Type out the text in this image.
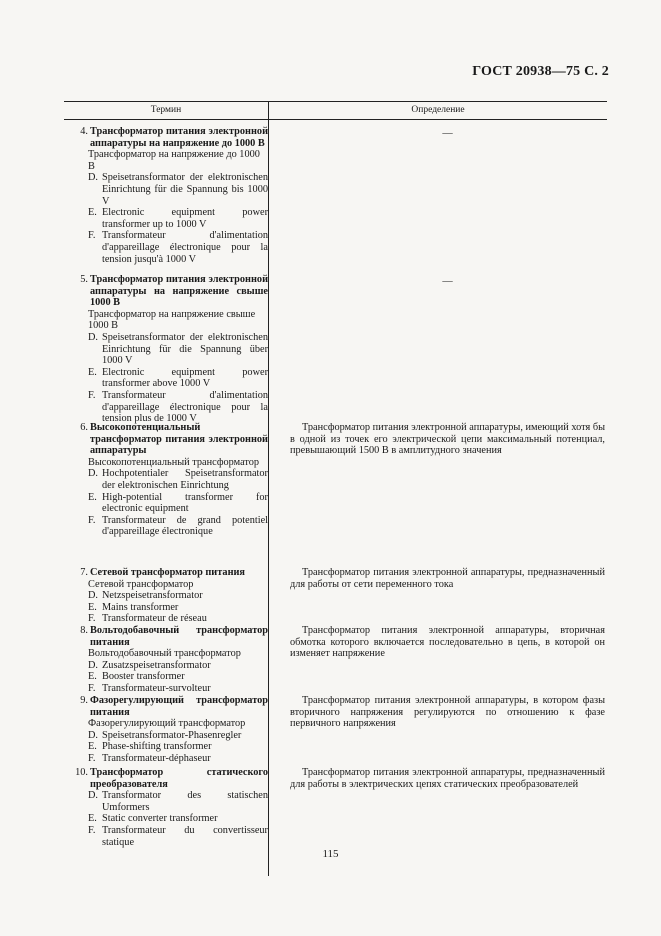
ГОСТ 20938—75 С. 2
Термин	Определение
4. Трансформатор питания электронной аппаратуры на напряжение до 1000 В
Трансформатор на напряжение до 1000 В
D. Speisetransformator der elektronischen Einrichtung für die Spannung bis 1000 V
E. Electronic equipment power transformer up to 1000 V
F. Transformateur d'alimentation d'appareillage électronique pour la tension jusqu'à 1000 V
—
5. Трансформатор питания электронной аппаратуры на напряжение свыше 1000 В
Трансформатор на напряжение свыше 1000 В
D. Speisetransformator der elektronischen Einrichtung für die Spannung über 1000 V
E. Electronic equipment power transformer above 1000 V
F. Transformateur d'alimentation d'appareillage électronique pour la tension plus de 1000 V
—
6. Высокопотенциальный трансформатор питания электронной аппаратуры
Высокопотенциальный трансформатор
D. Hochpotentialer Speisetransformator der elektronischen Einrichtung
E. High-potential transformer for electronic equipment
F. Transformateur de grand potentiel d'appareillage électronique
Трансформатор питания электронной аппаратуры, имеющий хотя бы в одной из точек его электрической цепи максимальный потенциал, превышающий 1500 В в амплитудного значения
7. Сетевой трансформатор питания
Сетевой трансформатор
D. Netzspeisetransformator
E. Mains transformer
F. Transformateur de réseau
Трансформатор питания электронной аппаратуры, предназначенный для работы от сети переменного тока
8. Вольтодобавочный трансформатор питания
Вольтодобавочный трансформатор
D. Zusatzspeisetransformator
E. Booster transformer
F. Transformateur-survolteur
Трансформатор питания электронной аппаратуры, вторичная обмотка которого включается последовательно в цепь, в которой он изменяет напряжение
9. Фазорегулирующий трансформатор питания
Фазорегулирующий трансформатор
D. Speisetransformator-Phasenregler
E. Phase-shifting transformer
F. Transformateur-déphaseur
Трансформатор питания электронной аппаратуры, в котором фазы вторичного напряжения регулируются по отношению к фазе первичного напряжения
10. Трансформатор статического преобразователя
D. Transformator des statischen Umformers
E. Static converter transformer
F. Transformateur du convertisseur statique
Трансформатор питания электронной аппаратуры, предназначенный для работы в электрических цепях статических преобразователей
115
